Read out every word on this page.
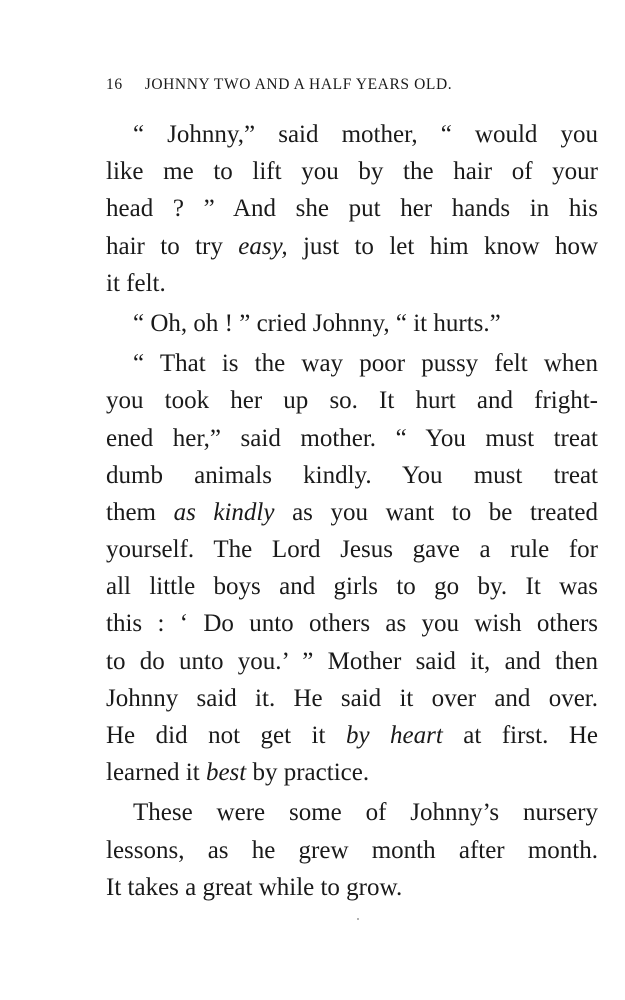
16 JOHNNY TWO AND A HALF YEARS OLD.
“ Johnny,” said mother, “ would you
like me to lift you by the hair of your
head ? ” And she put her hands in his
hair to try easy, just to let him know how
it felt.
“ Oh, oh ! ” cried Johnny, “ it hurts.”
“ That is the way poor pussy felt when
you took her up so. It hurt and fright-
ened her,” said mother. “ You must treat
dumb animals kindly. You must treat
them as kindly as you want to be treated
yourself. The Lord Jesus gave a rule for
all little boys and girls to go by. It was
this : ‘ Do unto others as you wish others
to do unto you.’ ” Mother said it, and then
Johnny said it. He said it over and over.
He did not get it by heart at first. He
learned it best by practice.
These were some of Johnny’s nursery
lessons, as he grew month after month.
It takes a great while to grow.
